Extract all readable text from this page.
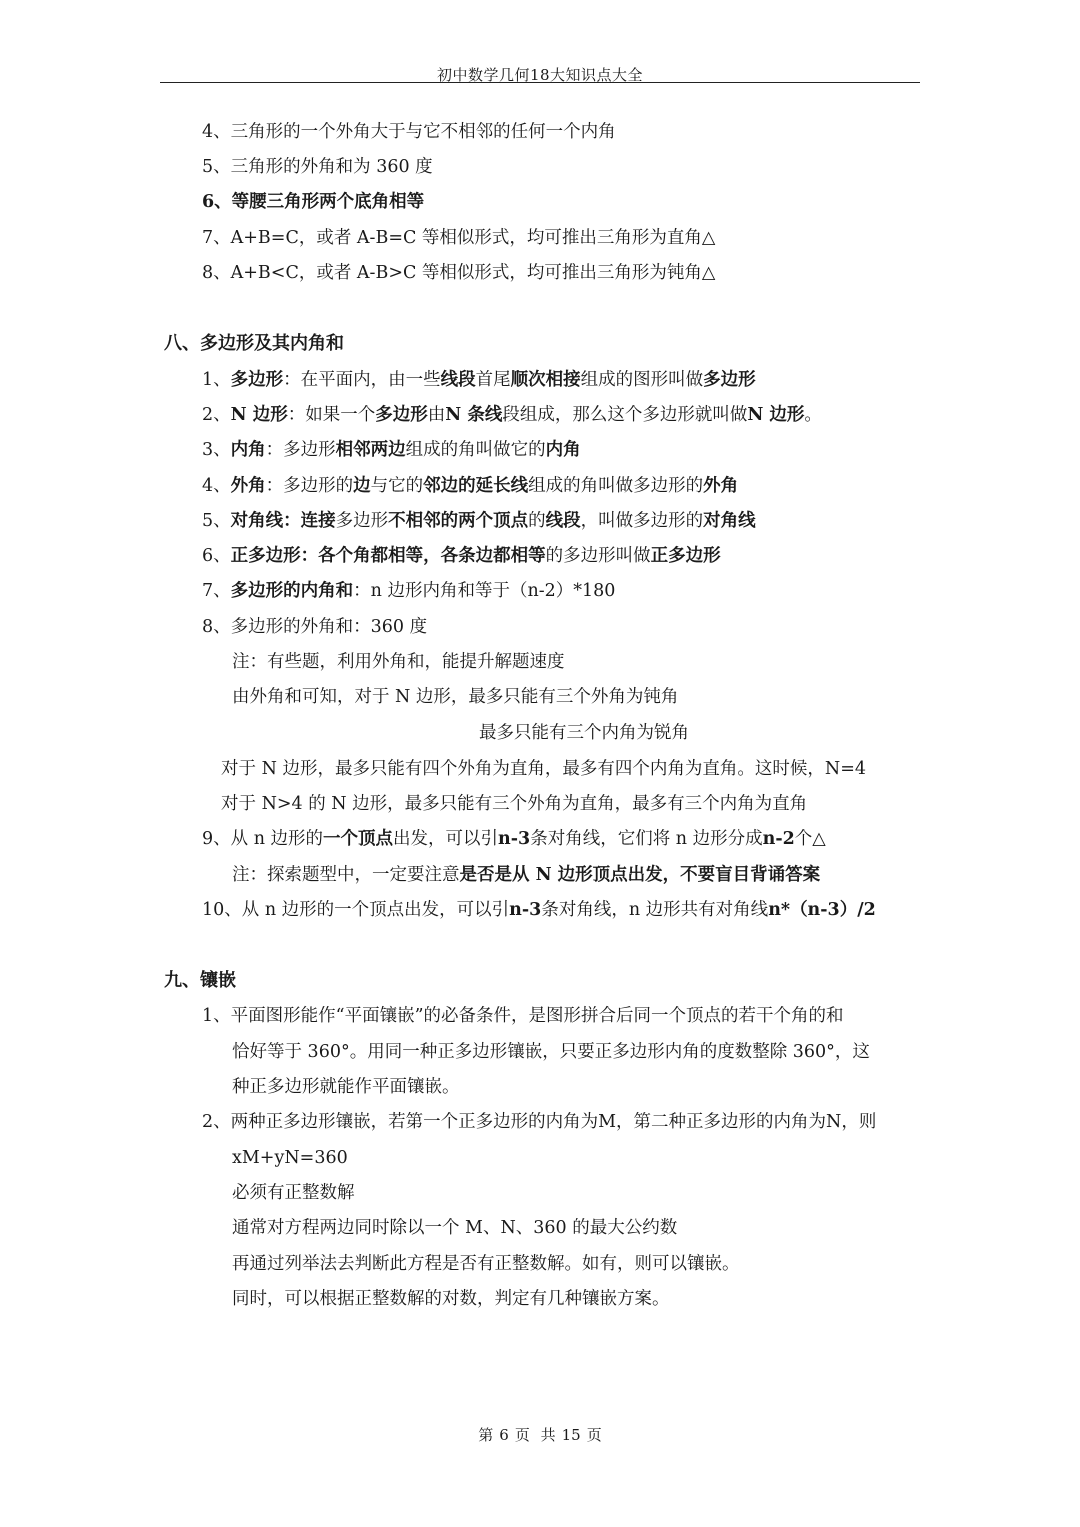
初中数学几何18大知识点大全
4、三角形的一个外角大于与它不相邻的任何一个内角
5、三角形的外角和为 360 度
6、等腰三角形两个底角相等
7、A+B=C，或者 A-B=C 等相似形式，均可推出三角形为直角△
8、A+B<C，或者 A-B>C 等相似形式，均可推出三角形为钝角△
八、多边形及其内角和
1、多边形：在平面内，由一些线段首尾顺次相接组成的图形叫做多边形
2、N 边形：如果一个多边形由N 条线段组成，那么这个多边形就叫做N 边形。
3、内角：多边形相邻两边组成的角叫做它的内角
4、外角：多边形的边与它的邻边的延长线组成的角叫做多边形的外角
5、对角线：连接多边形不相邻的两个顶点的线段，叫做多边形的对角线
6、正多边形：各个角都相等，各条边都相等的多边形叫做正多边形
7、多边形的内角和：n 边形内角和等于（n-2）*180
8、多边形的外角和：360 度
注：有些题，利用外角和，能提升解题速度
由外角和可知，对于 N 边形，最多只能有三个外角为钝角
最多只能有三个内角为锐角
对于 N 边形，最多只能有四个外角为直角，最多有四个内角为直角。这时候，N=4
对于 N>4 的 N 边形，最多只能有三个外角为直角，最多有三个内角为直角
9、从 n 边形的一个顶点出发，可以引n-3条对角线，它们将 n 边形分成n-2个△
注：探索题型中，一定要注意是否是从 N 边形顶点出发，不要盲目背诵答案
10、从 n 边形的一个顶点出发，可以引n-3条对角线，n 边形共有对角线n*（n-3）/2
九、镶嵌
1、平面图形能作“平面镶嵌”的必备条件，是图形拼合后同一个顶点的若干个角的和
恰好等于 360°。用同一种正多边形镶嵌，只要正多边形内角的度数整除 360°，这
种正多边形就能作平面镶嵌。
2、两种正多边形镶嵌，若第一个正多边形的内角为M，第二种正多边形的内角为N，则
xM+yN=360
必须有正整数解
通常对方程两边同时除以一个 M、N、360 的最大公约数
再通过列举法去判断此方程是否有正整数解。如有，则可以镶嵌。
同时，可以根据正整数解的对数，判定有几种镶嵌方案。
第 6 页 共 15 页
